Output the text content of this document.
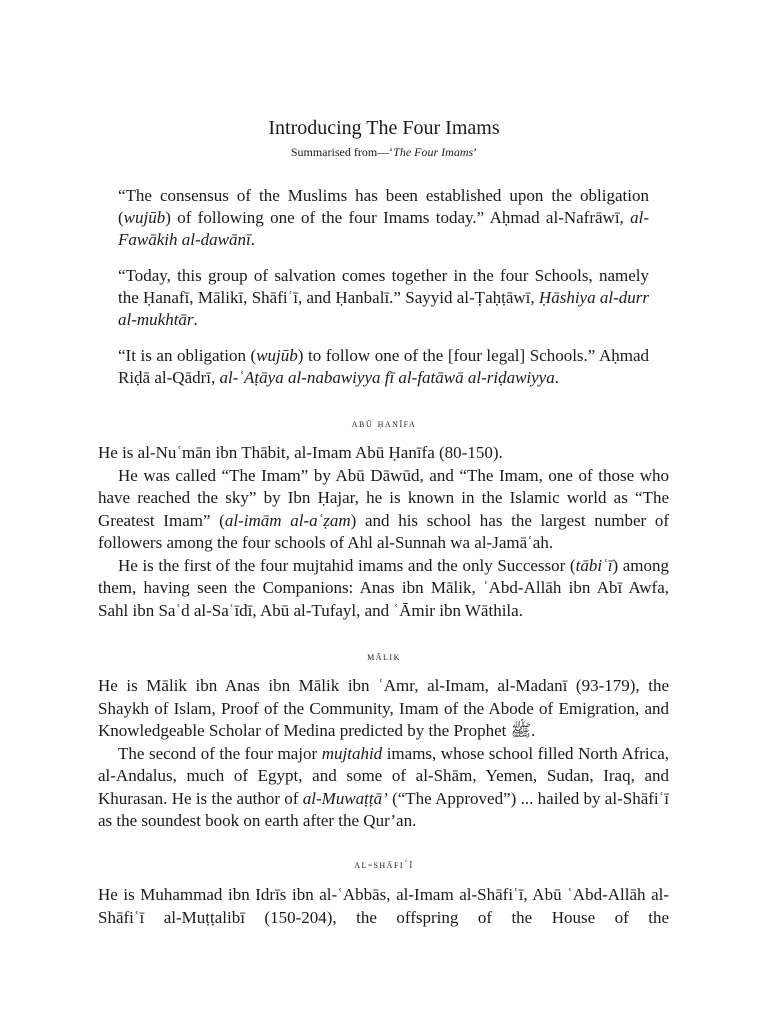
Introducing The Four Imams
Summarised from—‘The Four Imams’
“The consensus of the Muslims has been established upon the obligation (wujūb) of following one of the four Imams today.” Aḥmad al-Nafrāwī, al-Fawākih al-dawānī.
“Today, this group of salvation comes together in the four Schools, namely the Ḥanafī, Mālikī, Shāfiʿī, and Ḥanbalī.” Sayyid al-Ṭaḥṭāwī, Ḥāshiya al-durr al-mukhtār.
“It is an obligation (wujūb) to follow one of the [four legal] Schools.” Aḥmad Riḍā al-Qādrī, al-ʿAṭāya al-nabawiyya fī al-fatāwā al-riḍawiyya.
abū ḥanīfa

He is al-Nuʿmān ibn Thābit, al-Imam Abū Ḥanīfa (80-150).

He was called “The Imam” by Abū Dāwūd, and “The Imam, one of those who have reached the sky” by Ibn Ḥajar, he is known in the Islamic world as “The Greatest Imam” (al-imām al-aʿẓam) and his school has the largest number of followers among the four schools of Ahl al-Sunnah wa al-Jamāʿah.

He is the first of the four mujtahid imams and the only Successor (tābiʿī) among them, having seen the Companions: Anas ibn Mālik, ʿAbd-Allāh ibn Abī Awfa, Sahl ibn Saʿd al-Saʿīdī, Abū al-Tufayl, and ʿĀmir ibn Wāthila.

mālik

He is Mālik ibn Anas ibn Mālik ibn ʿAmr, al-Imam, al-Madanī (93-179), the Shaykh of Islam, Proof of the Community, Imam of the Abode of Emigration, and Knowledgeable Scholar of Medina predicted by the Prophet ﷺ.

The second of the four major mujtahid imams, whose school filled North Africa, al-Andalus, much of Egypt, and some of al-Shām, Yemen, Sudan, Iraq, and Khurasan. He is the author of al-Muwaṭṭā’ (“The Approved”) ... hailed by al-Shāfiʿī as the soundest book on earth after the Qur’an.

al-shāfiʿī

He is Muhammad ibn Idrīs ibn al-ʿAbbās, al-Imam al-Shāfiʿī, Abū ʿAbd-Allāh al-Shāfiʿī al-Muṭṭalibī (150-204), the offspring of the House of the
